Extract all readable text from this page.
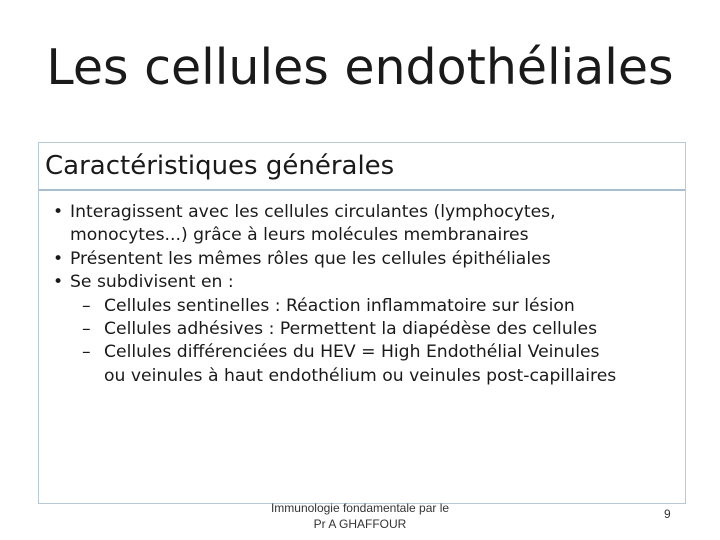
Les cellules endothéliales
Caractéristiques générales
• Interagissent avec les cellules circulantes (lymphocytes,
monocytes...) grâce à leurs molécules membranaires
• Présentent les mêmes rôles que les cellules épithéliales
• Se subdivisent en :
– Cellules sentinelles : Réaction inflammatoire sur lésion
– Cellules adhésives : Permettent la diapédèse des cellules
– Cellules différenciées du HEV = High Endothélial Veinules
ou veinules à haut endothélium ou veinules post-capillaires
Immunologie fondamentale par le
Pr A GHAFFOUR
9
